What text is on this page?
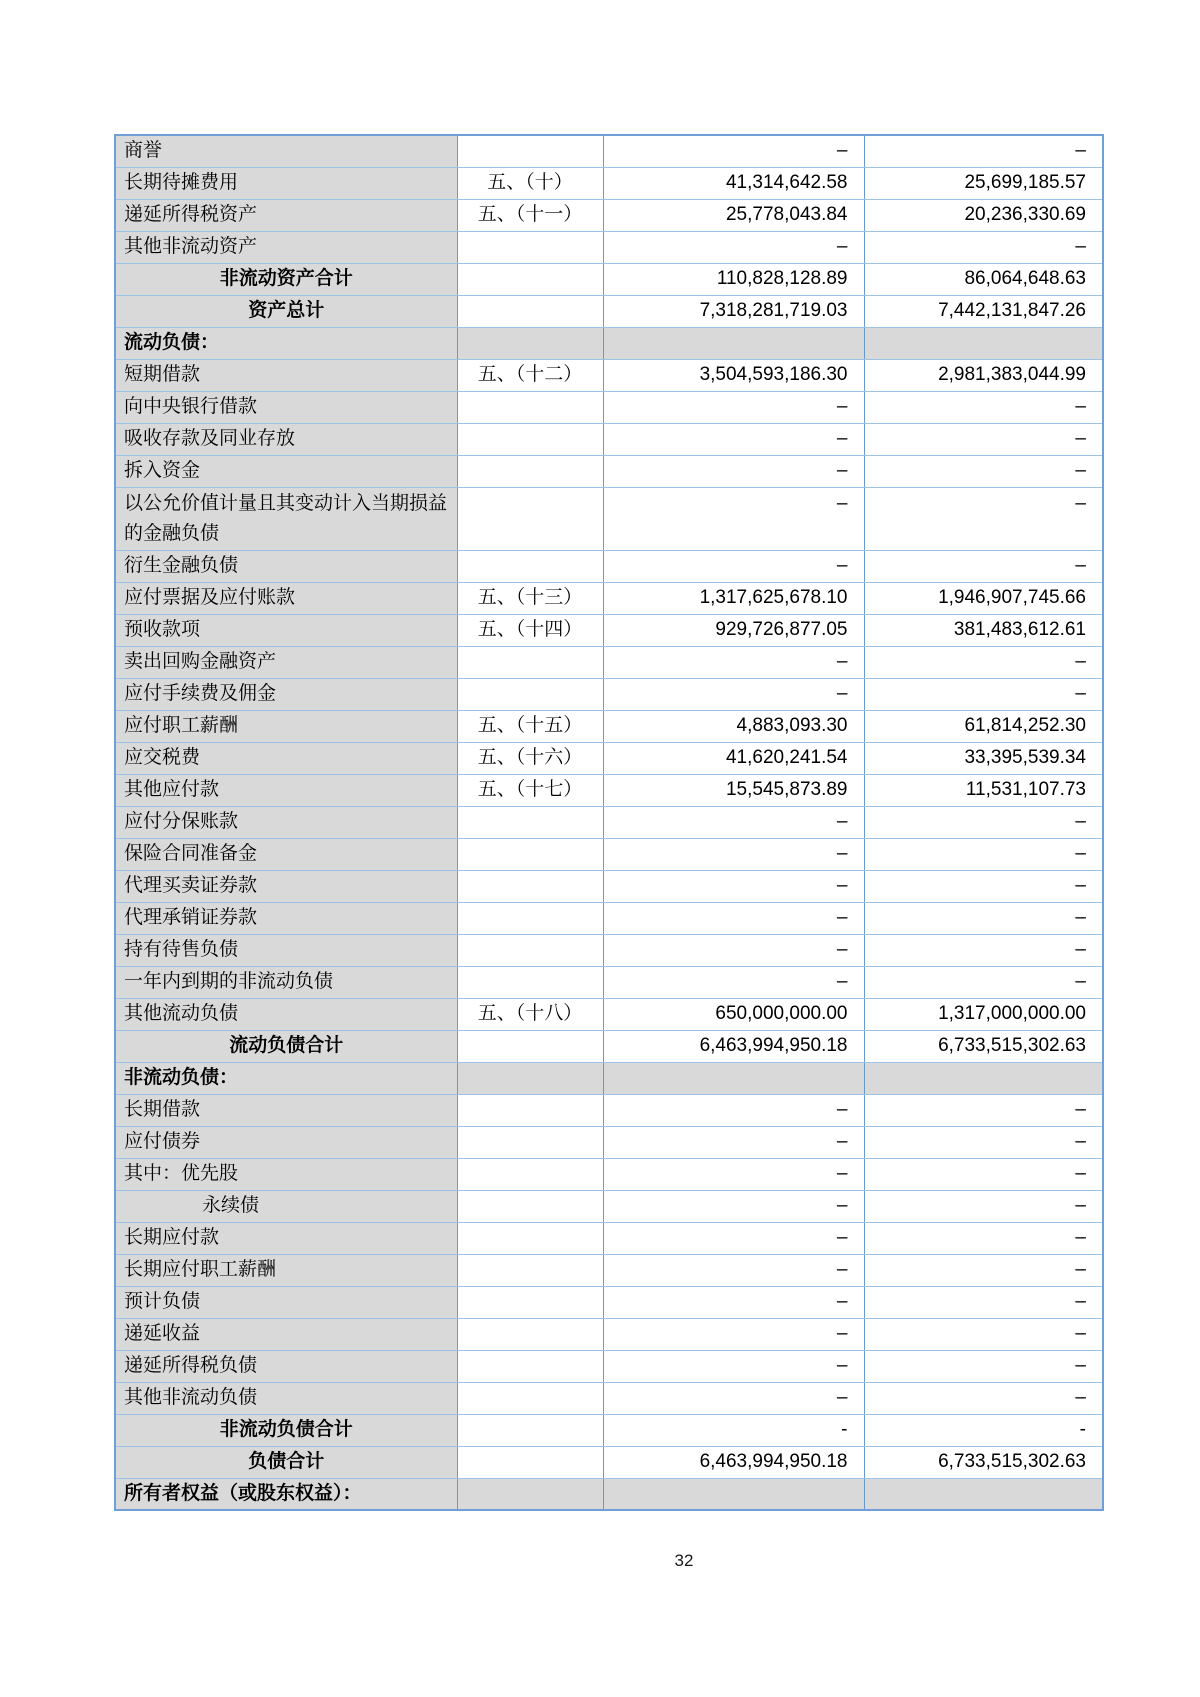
商誉		–	–
长期待摊费用	五、（十）	41,314,642.58	25,699,185.57
递延所得税资产	五、（十一）	25,778,043.84	20,236,330.69
其他非流动资产		–	–
非流动资产合计		110,828,128.89	86,064,648.63
资产总计		7,318,281,719.03	7,442,131,847.26
流动负债：			
短期借款	五、（十二）	3,504,593,186.30	2,981,383,044.99
向中央银行借款		–	–
吸收存款及同业存放		–	–
拆入资金		–	–
以公允价值计量且其变动计入当期损益的金融负债		–	–
衍生金融负债		–	–
应付票据及应付账款	五、（十三）	1,317,625,678.10	1,946,907,745.66
预收款项	五、（十四）	929,726,877.05	381,483,612.61
卖出回购金融资产		–	–
应付手续费及佣金		–	–
应付职工薪酬	五、（十五）	4,883,093.30	61,814,252.30
应交税费	五、（十六）	41,620,241.54	33,395,539.34
其他应付款	五、（十七）	15,545,873.89	11,531,107.73
应付分保账款		–	–
保险合同准备金		–	–
代理买卖证券款		–	–
代理承销证券款		–	–
持有待售负债		–	–
一年内到期的非流动负债		–	–
其他流动负债	五、（十八）	650,000,000.00	1,317,000,000.00
流动负债合计		6,463,994,950.18	6,733,515,302.63
非流动负债：			
长期借款		–	–
应付债券		–	–
其中：优先股		–	–
永续债		–	–
长期应付款		–	–
长期应付职工薪酬		–	–
预计负债		–	–
递延收益		–	–
递延所得税负债		–	–
其他非流动负债		–	–
非流动负债合计		-	-
负债合计		6,463,994,950.18	6,733,515,302.63
所有者权益（或股东权益）：			
32
